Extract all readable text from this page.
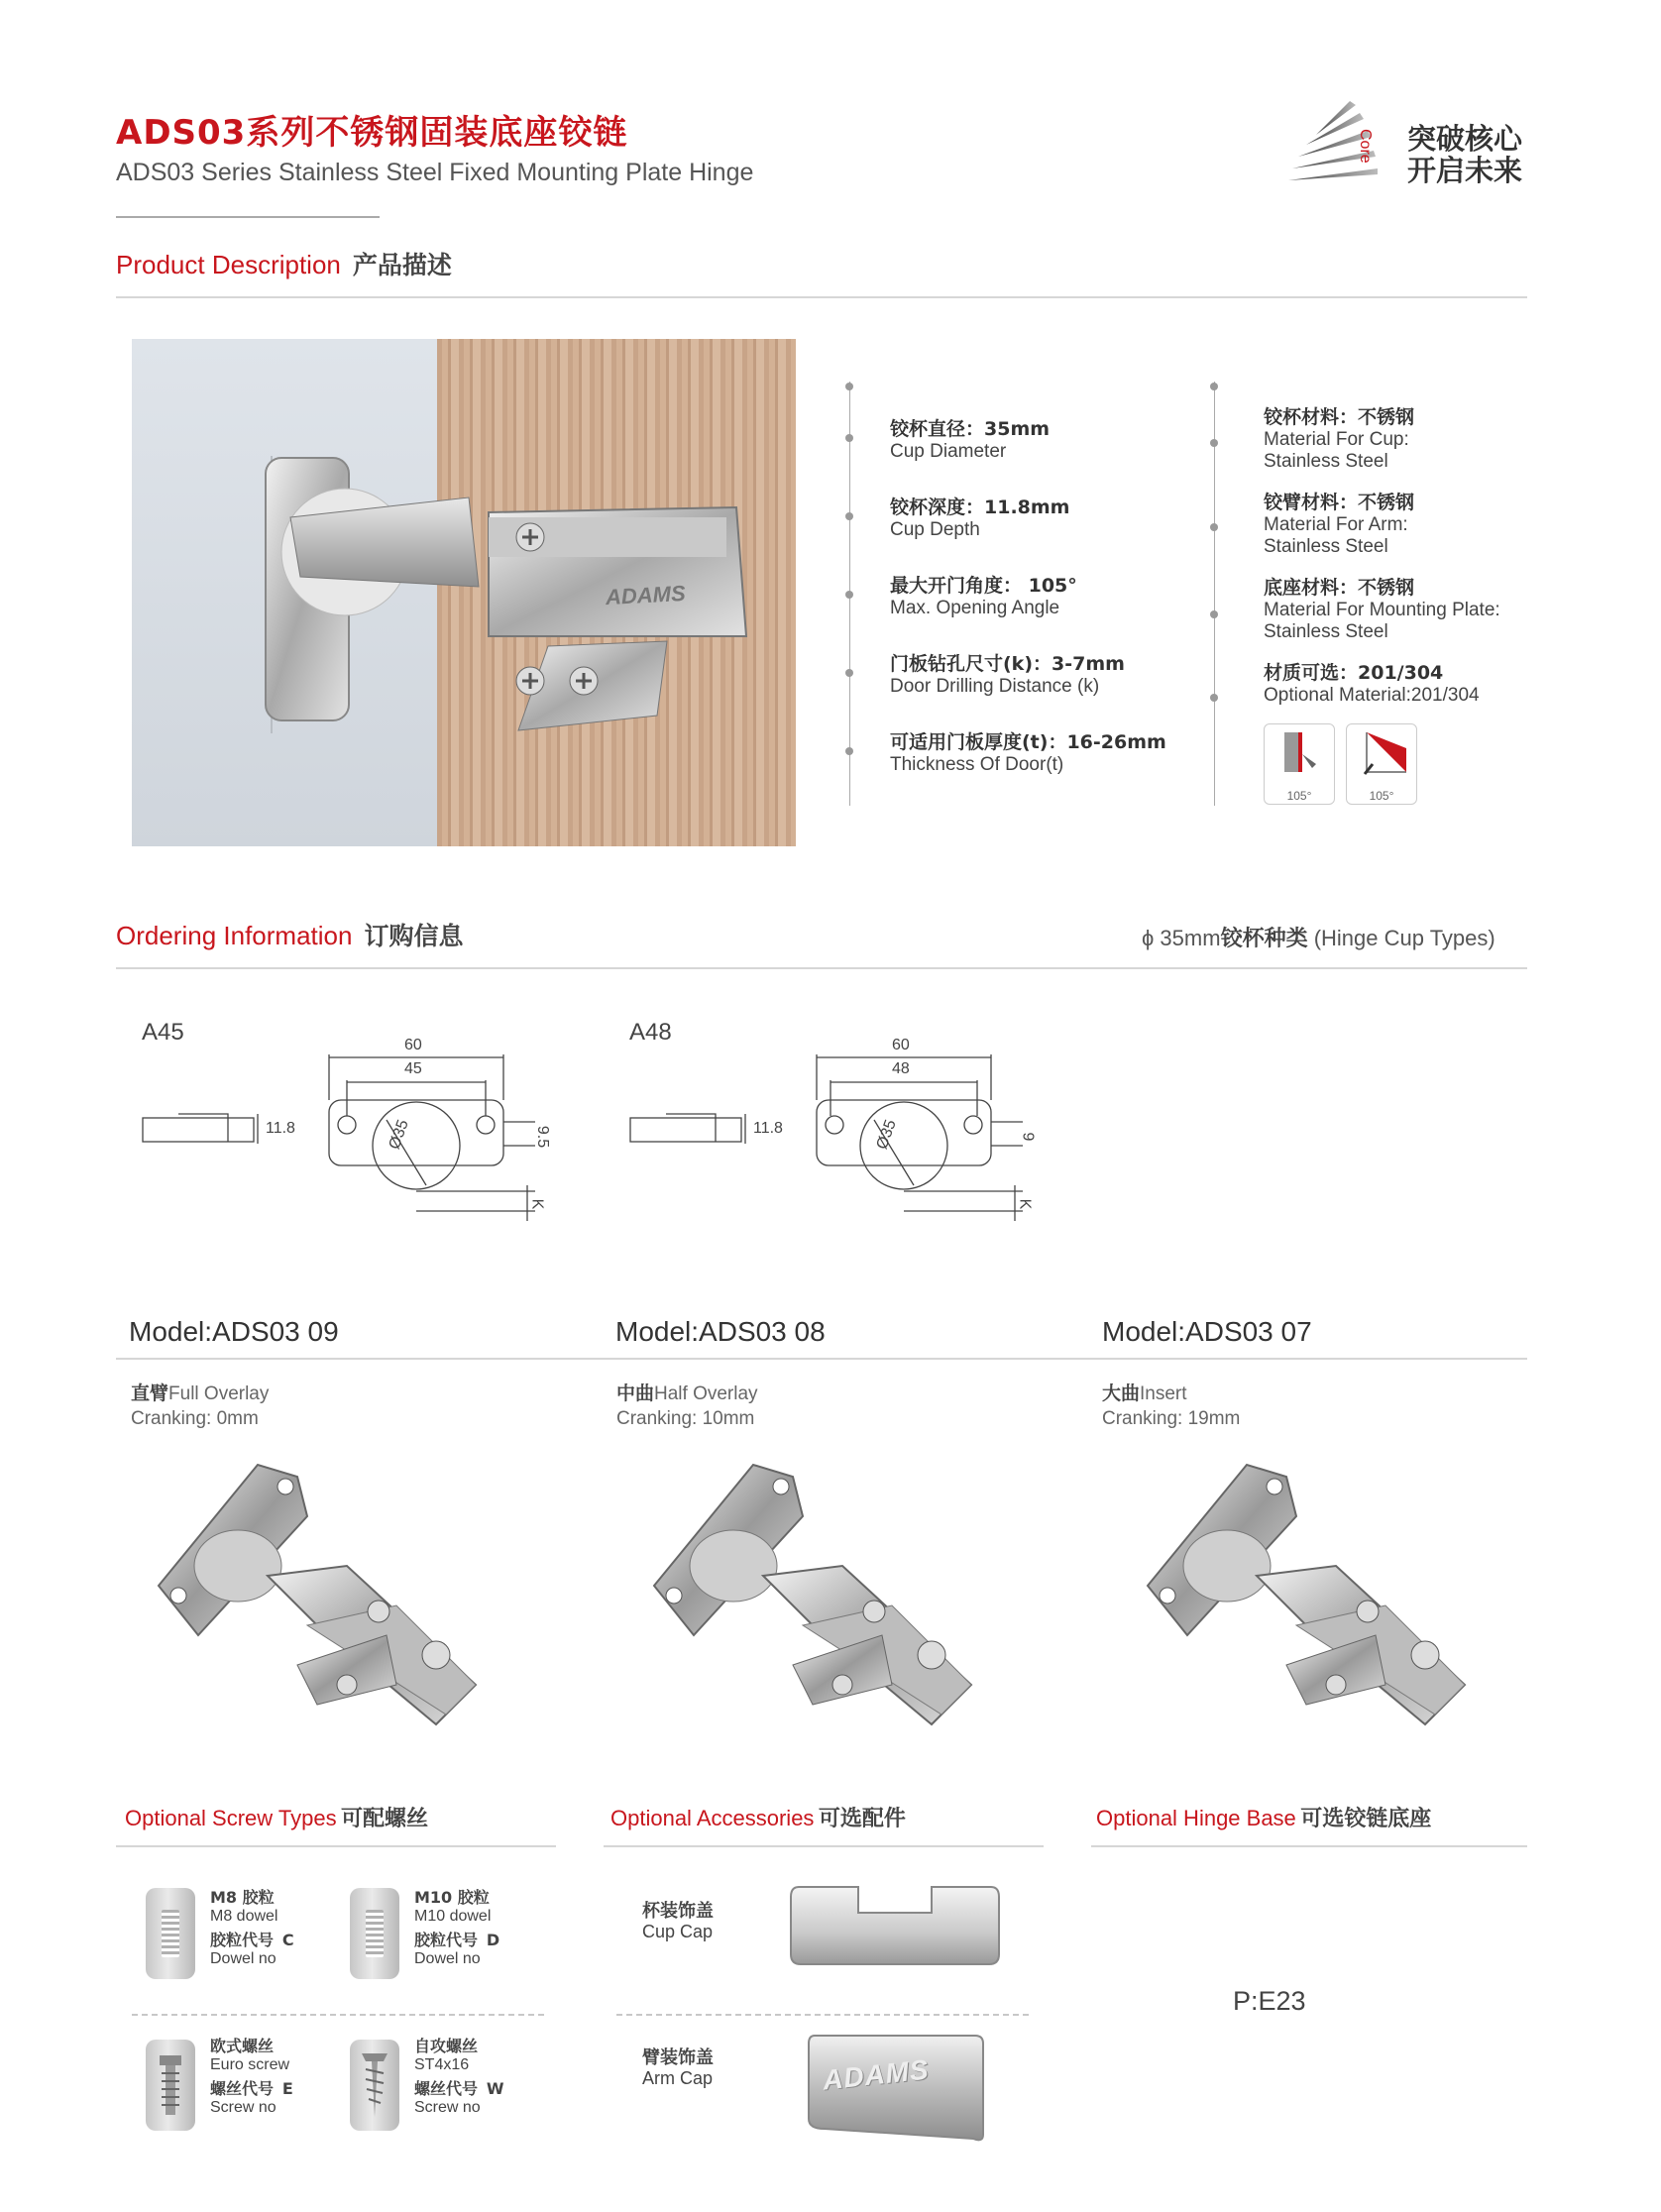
ADS03系列不锈钢固装底座铰链
ADS03 Series Stainless Steel Fixed Mounting Plate Hinge
Core 突破核心
开启未来
Product Description 产品描述
ADAMS
铰杯直径：35mm
Cup Diameter
铰杯深度：11.8mm
Cup Depth
最大开门角度： 105°
Max. Opening Angle
门板钻孔尺寸(k)：3-7mm
Door Drilling Distance (k)
可适用门板厚度(t)：16-26mm
Thickness Of Door(t)
铰杯材料：不锈钢
Material For Cup:
Stainless Steel
铰臂材料：不锈钢
Material For Arm:
Stainless Steel
底座材料：不锈钢
Material For Mounting Plate:
Stainless Steel
材质可选：201/304
Optional Material:201/304
105°	105°
Ordering Information 订购信息	ϕ 35mm铰杯种类 (Hinge Cup Types)
A45
11.8
60
45
9.5
Ø35
K
A48
11.8
60
48
9
Ø35
K
Model:ADS03 09	Model:ADS03 08	Model:ADS03 07
直臂Full Overlay
Cranking: 0mm
中曲Half Overlay
Cranking: 10mm
大曲Insert
Cranking: 19mm
Optional Screw Types 可配螺丝	Optional Accessories 可选配件	Optional Hinge Base 可选铰链底座
M8 胶粒
M8 dowel
胶粒代号 C
Dowel no
M10 胶粒
M10 dowel
胶粒代号 D
Dowel no
欧式螺丝
Euro screw
螺丝代号 E
Screw no
自攻螺丝
ST4x16
螺丝代号 W
Screw no
杯装饰盖
Cup Cap
臂装饰盖
Arm Cap	ADAMS
P:E23
